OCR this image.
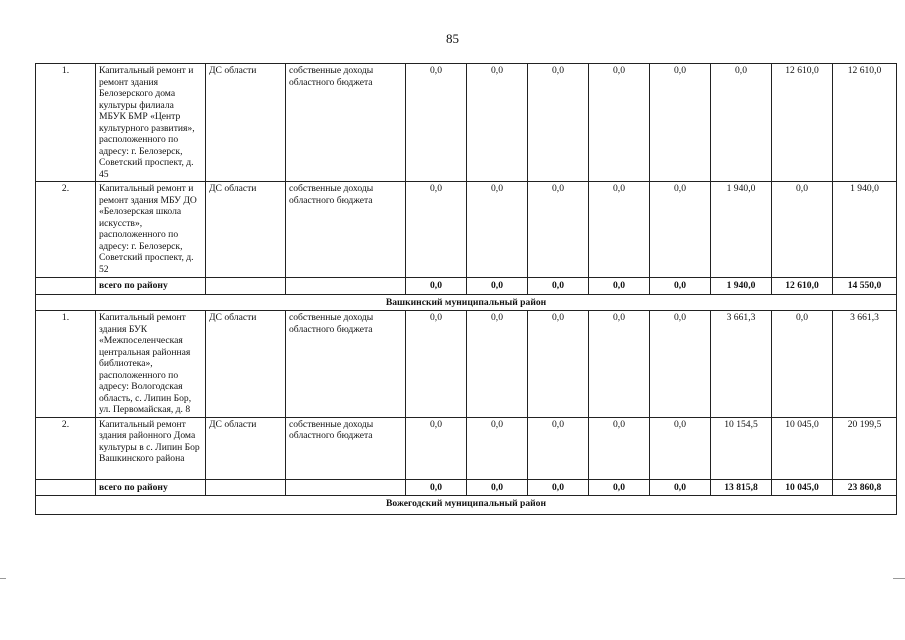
85
1.	Капитальный ремонт и ремонт здания Белозерского дома культуры филиала МБУК БМР «Центр культурного развития», расположенного по адресу: г. Белозерск, Советский проспект, д. 45	ДС области	собственные доходы областного бюджета	0,0	0,0	0,0	0,0	0,0	0,0	12 610,0	12 610,0
2.	Капитальный ремонт и ремонт здания МБУ ДО «Белозерская школа искусств», расположенного по адресу: г. Белозерск, Советский проспект, д. 52	ДС области	собственные доходы областного бюджета	0,0	0,0	0,0	0,0	0,0	1 940,0	0,0	1 940,0
	всего по району			0,0	0,0	0,0	0,0	0,0	1 940,0	12 610,0	14 550,0
Вашкинский муниципальный район											
1.	Капитальный ремонт здания БУК «Межпоселенческая центральная районная библиотека», расположенного по адресу: Вологодская область, с. Липин Бор, ул. Первомайская, д. 8	ДС области	собственные доходы областного бюджета	0,0	0,0	0,0	0,0	0,0	3 661,3	0,0	3 661,3
2.	Капитальный ремонт здания районного Дома культуры в с. Липин Бор Вашкинского района	ДС области	собственные доходы областного бюджета	0,0	0,0	0,0	0,0	0,0	10 154,5	10 045,0	20 199,5
	всего по району			0,0	0,0	0,0	0,0	0,0	13 815,8	10 045,0	23 860,8
Вожегодский муниципальный район											
